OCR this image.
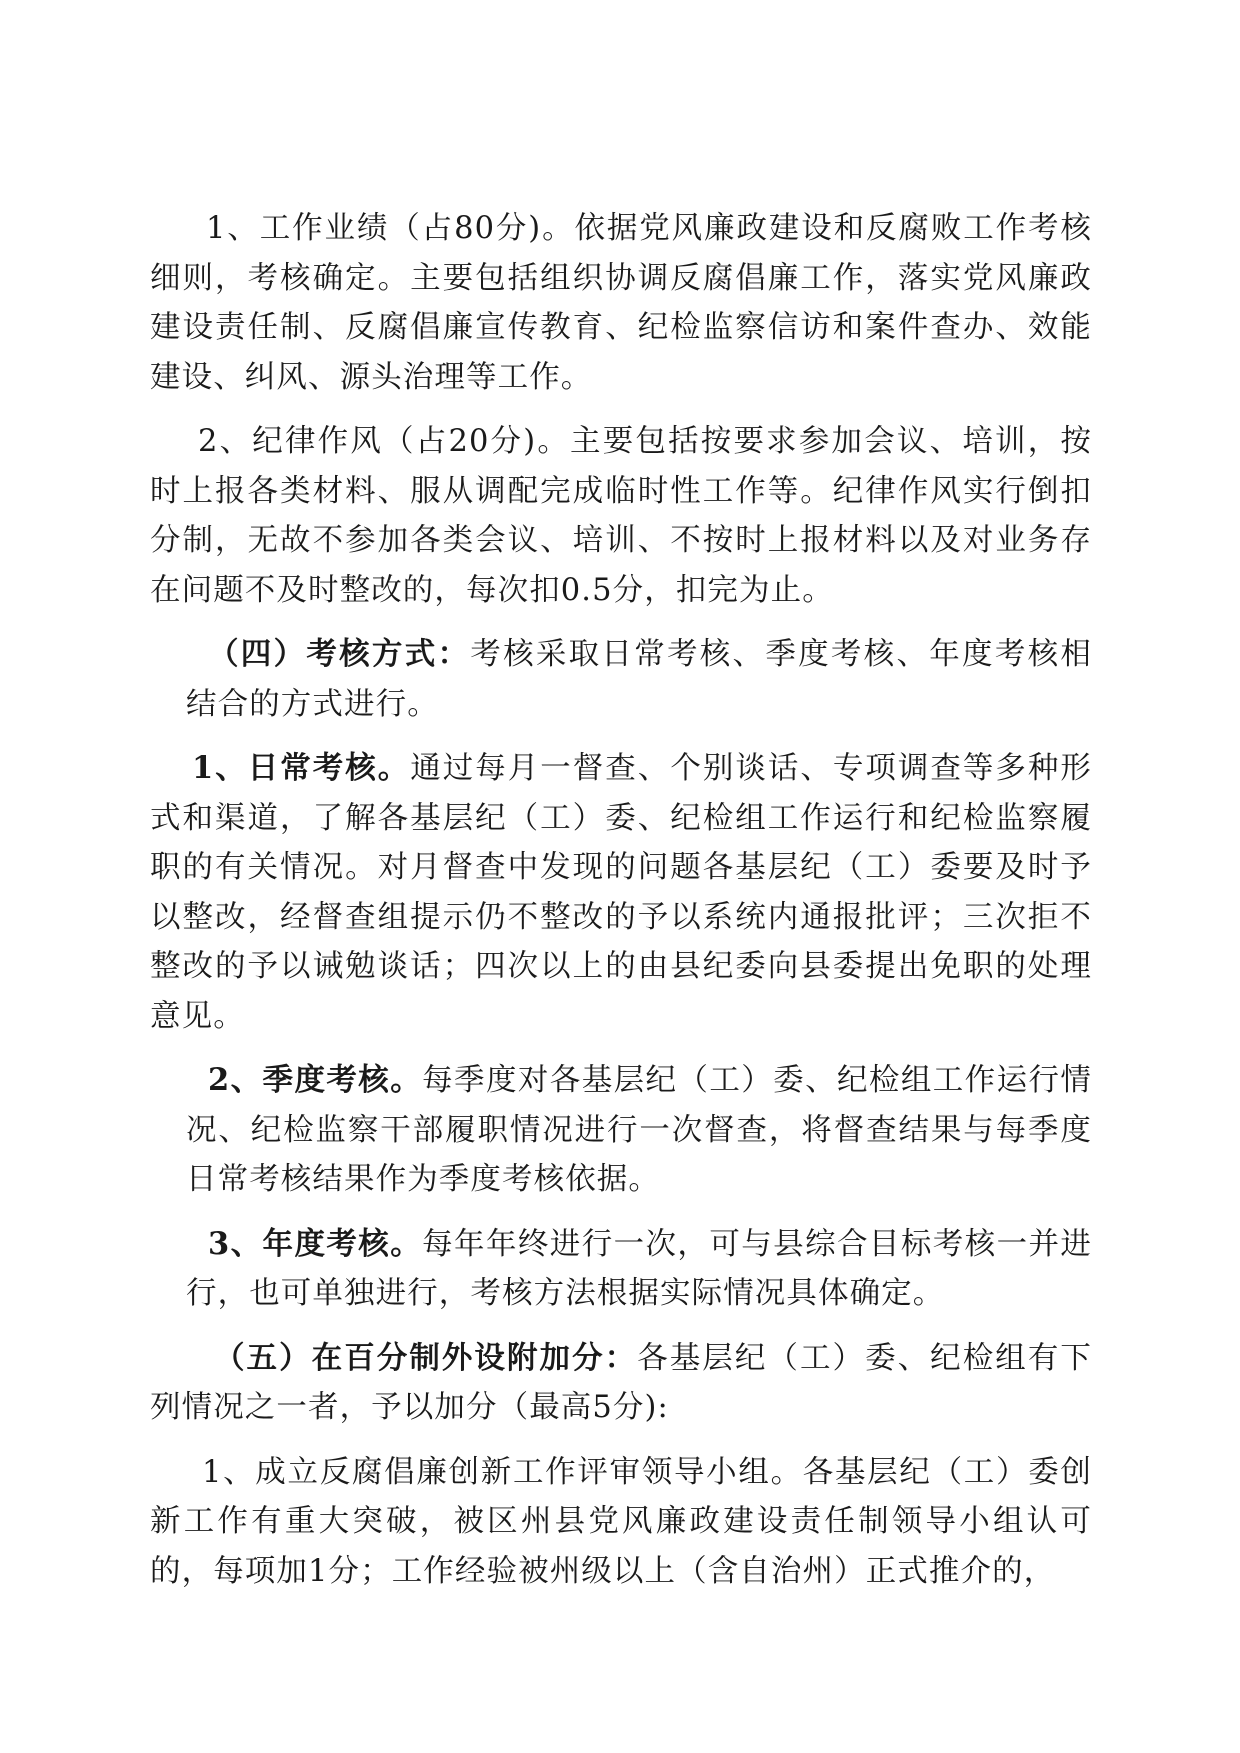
1、工作业绩（占80分)。依据党风廉政建设和反腐败工作考核细则，考核确定。主要包括组织协调反腐倡廉工作，落实党风廉政建设责任制、反腐倡廉宣传教育、纪检监察信访和案件查办、效能建设、纠风、源头治理等工作。

2、纪律作风（占20分)。主要包括按要求参加会议、培训，按时上报各类材料、服从调配完成临时性工作等。纪律作风实行倒扣分制，无故不参加各类会议、培训、不按时上报材料以及对业务存在问题不及时整改的，每次扣0.5分，扣完为止。

（四）考核方式：考核采取日常考核、季度考核、年度考核相结合的方式进行。

1、日常考核。通过每月一督查、个别谈话、专项调查等多种形式和渠道，了解各基层纪（工）委、纪检组工作运行和纪检监察履职的有关情况。对月督查中发现的问题各基层纪（工）委要及时予以整改，经督查组提示仍不整改的予以系统内通报批评；三次拒不整改的予以诫勉谈话；四次以上的由县纪委向县委提出免职的处理意见。

2、季度考核。每季度对各基层纪（工）委、纪检组工作运行情况、纪检监察干部履职情况进行一次督查，将督查结果与每季度日常考核结果作为季度考核依据。

3、年度考核。每年年终进行一次，可与县综合目标考核一并进行，也可单独进行，考核方法根据实际情况具体确定。

（五）在百分制外设附加分：各基层纪（工）委、纪检组有下列情况之一者，予以加分（最高5分):

1、成立反腐倡廉创新工作评审领导小组。各基层纪（工）委创新工作有重大突破，被区州县党风廉政建设责任制领导小组认可的，每项加1分；工作经验被州级以上（含自治州）正式推介的，
